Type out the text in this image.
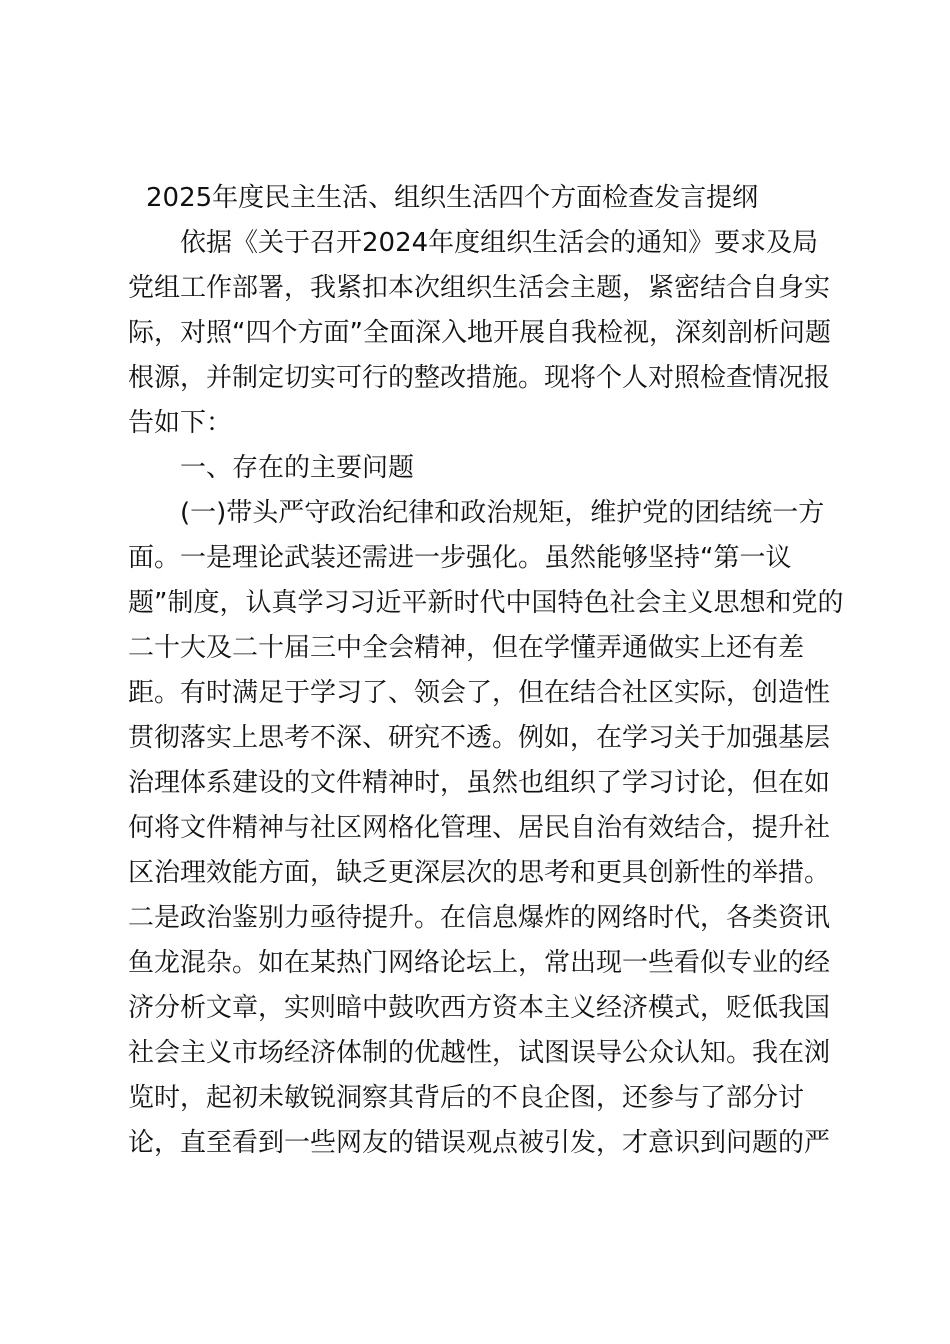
2025年度民主生活、组织生活四个方面检查发言提纲

依据《关于召开2024年度组织生活会的通知》要求及局

党组工作部署，我紧扣本次组织生活会主题，紧密结合自身实

际，对照“四个方面”全面深入地开展自我检视，深刻剖析问题

根源，并制定切实可行的整改措施。现将个人对照检查情况报

告如下：

一、存在的主要问题

(一)带头严守政治纪律和政治规矩，维护党的团结统一方

面。一是理论武装还需进一步强化。虽然能够坚持“第一议

题”制度，认真学习习近平新时代中国特色社会主义思想和党的

二十大及二十届三中全会精神，但在学懂弄通做实上还有差

距。有时满足于学习了、领会了，但在结合社区实际，创造性

贯彻落实上思考不深、研究不透。例如，在学习关于加强基层

治理体系建设的文件精神时，虽然也组织了学习讨论，但在如

何将文件精神与社区网格化管理、居民自治有效结合，提升社

区治理效能方面，缺乏更深层次的思考和更具创新性的举措。

二是政治鉴别力亟待提升。在信息爆炸的网络时代，各类资讯

鱼龙混杂。如在某热门网络论坛上，常出现一些看似专业的经

济分析文章，实则暗中鼓吹西方资本主义经济模式，贬低我国

社会主义市场经济体制的优越性，试图误导公众认知。我在浏

览时，起初未敏锐洞察其背后的不良企图，还参与了部分讨

论，直至看到一些网友的错误观点被引发，才意识到问题的严
